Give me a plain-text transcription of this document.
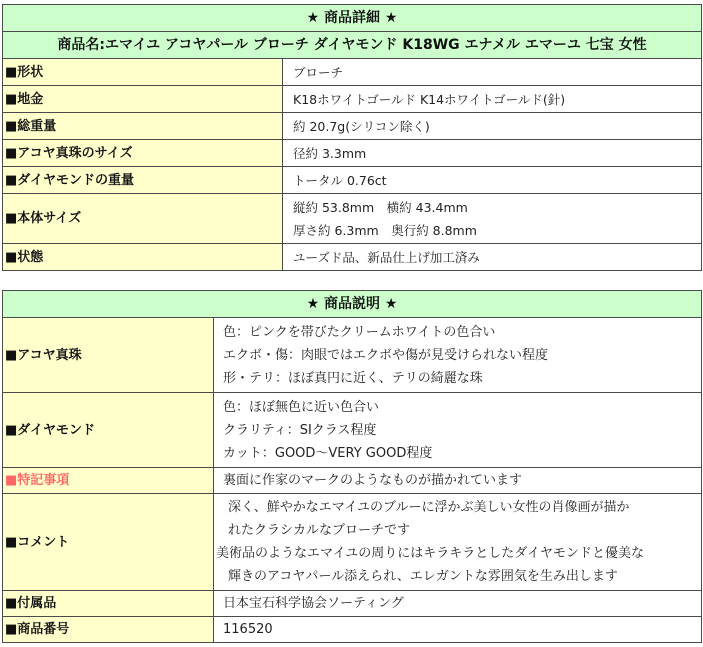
★ 商品詳細 ★	
商品名:エマイユ アコヤパール ブローチ ダイヤモンド K18WG エナメル エマーユ 七宝 女性	
■形状	ブローチ
■地金	K18ホワイトゴールド K14ホワイトゴールド(針)
■総重量	約 20.7g(シリコン除く)
■アコヤ真珠のサイズ	径約 3.3mm
■ダイヤモンドの重量	トータル 0.76ct
■本体サイズ	縦約 53.8mm　横約 43.4mm
厚さ約 6.3mm　奥行約 8.8mm

■状態	ユーズド品、新品仕上げ加工済み
★ 商品説明 ★	
■アコヤ真珠	色：ピンクを帯びたクリームホワイトの色合い
エクボ・傷：肉眼ではエクボや傷が見受けられない程度
形・テリ：ほぼ真円に近く、テリの綺麗な珠

■ダイヤモンド	色：ほぼ無色に近い色合い
クラリティ：SIクラス程度
カット：GOOD〜VERY GOOD程度

■特記事項	裏面に作家のマークのようなものが描かれています
■コメント	深く、鮮やかなエマイユのブルーに浮かぶ美しい女性の肖像画が描か
れたクラシカルなブローチです
美術品のようなエマイユの周りにはキラキラとしたダイヤモンドと優美な
輝きのアコヤパール添えられ、エレガントな雰囲気を生み出します

■付属品	日本宝石科学協会ソーティング
■商品番号	116520
